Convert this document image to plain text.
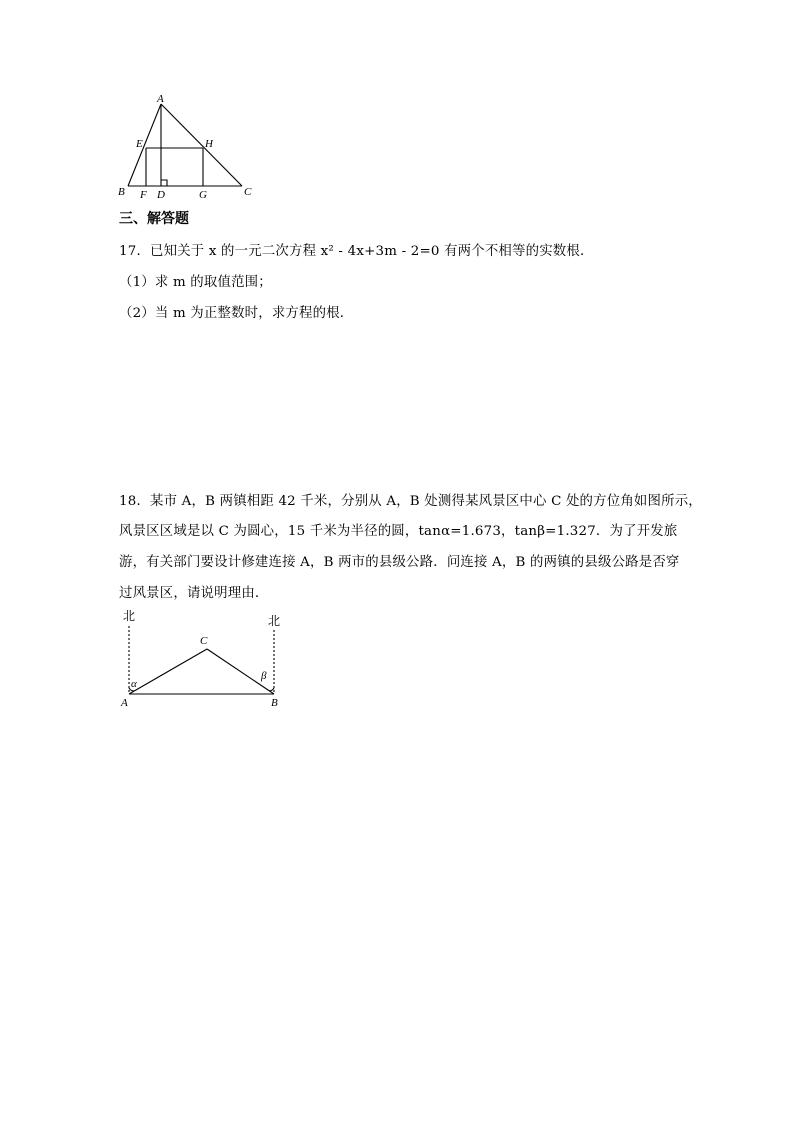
A
E	H
B F D	G	C
三、解答题
17．已知关于 x 的一元二次方程 x² - 4x+3m - 2=0 有两个不相等的实数根．
（1）求 m 的取值范围；
（2）当 m 为正整数时，求方程的根．
18．某市 A，B 两镇相距 42 千米，分别从 A，B 处测得某风景区中心 C 处的方位角如图所示，
风景区区域是以 C 为圆心，15 千米为半径的圆，tanα=1.673，tanβ=1.327．为了开发旅
游，有关部门要设计修建连接 A，B 两市的县级公路．问连接 A，B 的两镇的县级公路是否穿
过风景区，请说明理由．
北	北
C
α
β
A	B
